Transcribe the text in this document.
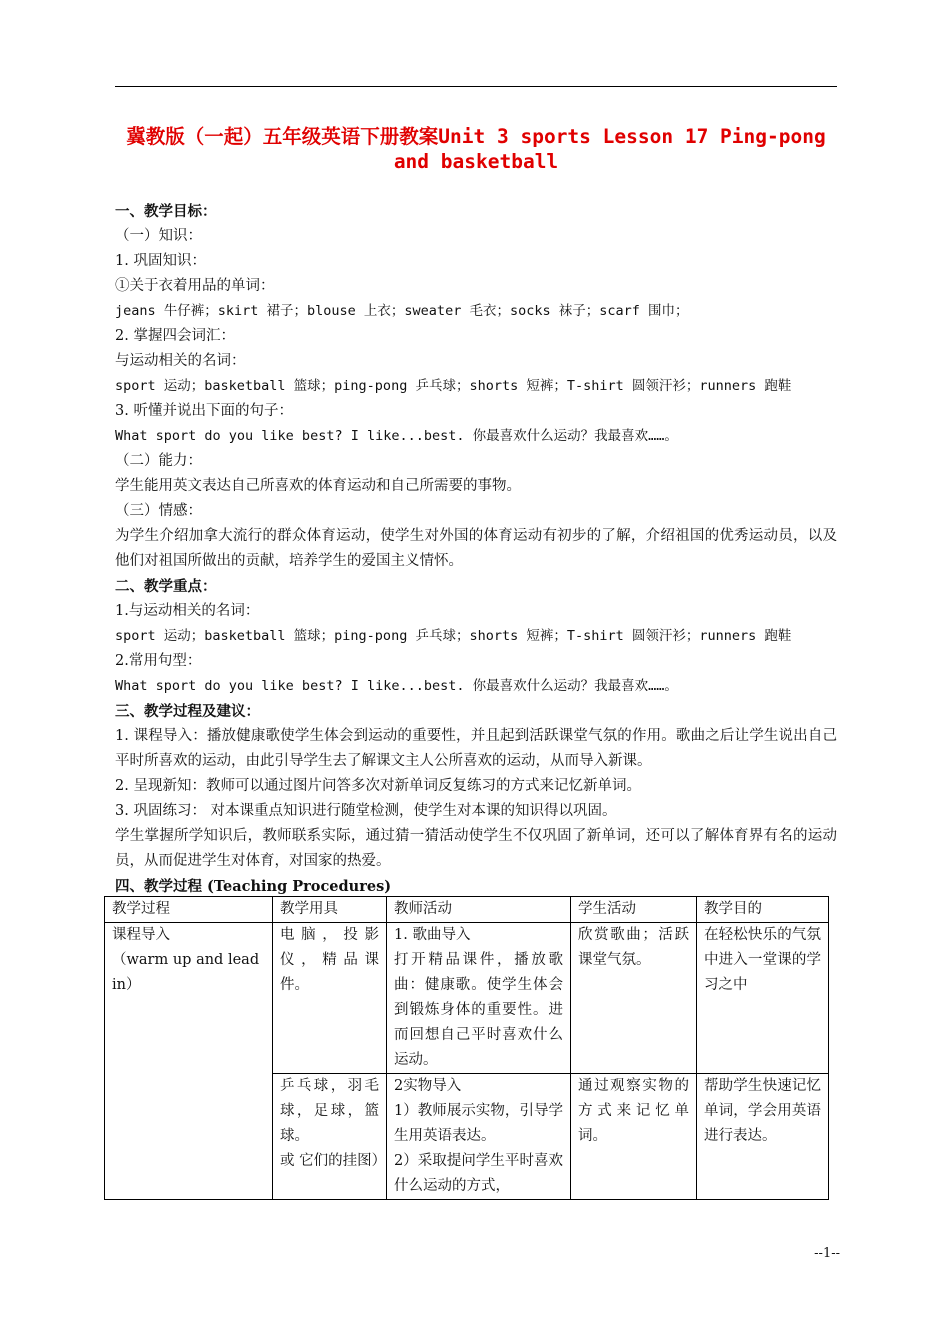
冀教版（一起）五年级英语下册教案Unit 3 sports Lesson 17 Ping-pong
and basketball
一、教学目标：
（一）知识：
1. 巩固知识：
①关于衣着用品的单词：
jeans 牛仔裤；skirt 裙子；blouse 上衣；sweater 毛衣；socks 袜子；scarf 围巾；
2. 掌握四会词汇：
与运动相关的名词：
sport 运动；basketball 篮球；ping-pong 乒乓球；shorts 短裤；T-shirt 圆领汗衫；runners 跑鞋
3. 听懂并说出下面的句子：
What sport do you like best? I like...best. 你最喜欢什么运动？我最喜欢……。
（二）能力：
学生能用英文表达自己所喜欢的体育运动和自己所需要的事物。
（三）情感：
为学生介绍加拿大流行的群众体育运动，使学生对外国的体育运动有初步的了解，介绍祖国的优秀运动员，以及他们对祖国所做出的贡献，培养学生的爱国主义情怀。
二、教学重点：
1.与运动相关的名词：
sport 运动；basketball 篮球；ping-pong 乒乓球；shorts 短裤；T-shirt 圆领汗衫；runners 跑鞋
2.常用句型：
What sport do you like best? I like...best. 你最喜欢什么运动？我最喜欢……。
三、教学过程及建议：
1. 课程导入：播放健康歌使学生体会到运动的重要性，并且起到活跃课堂气氛的作用。歌曲之后让学生说出自己平时所喜欢的运动，由此引导学生去了解课文主人公所喜欢的运动，从而导入新课。
2. 呈现新知：教师可以通过图片问答多次对新单词反复练习的方式来记忆新单词。
3. 巩固练习： 对本课重点知识进行随堂检测，使学生对本课的知识得以巩固。
学生掌握所学知识后，教师联系实际，通过猜一猜活动使学生不仅巩固了新单词，还可以了解体育界有名的运动员，从而促进学生对体育，对国家的热爱。
四、教学过程 (Teaching Procedures)
教学过程	教学用具	教师活动	学生活动	教学目的

课程导入
（warm up and lead in）	电脑，投影仪，精品课件。	1. 歌曲导入
打开精品课件，播放歌曲：健康歌。使学生体会到锻炼身体的重要性。进而回想自己平时喜欢什么运动。	欣赏歌曲；活跃课堂气氛。	在轻松快乐的气氛中进入一堂课的学习之中

	乒乓球，羽毛球，足球，篮球。
或 它们的挂图）	2实物导入
1）教师展示实物，引导学生用英语表达。
2）采取提问学生平时喜欢什么运动的方式，	通过观察实物的方式来记忆单词。	帮助学生快速记忆单词，学会用英语进行表达。
--1--
